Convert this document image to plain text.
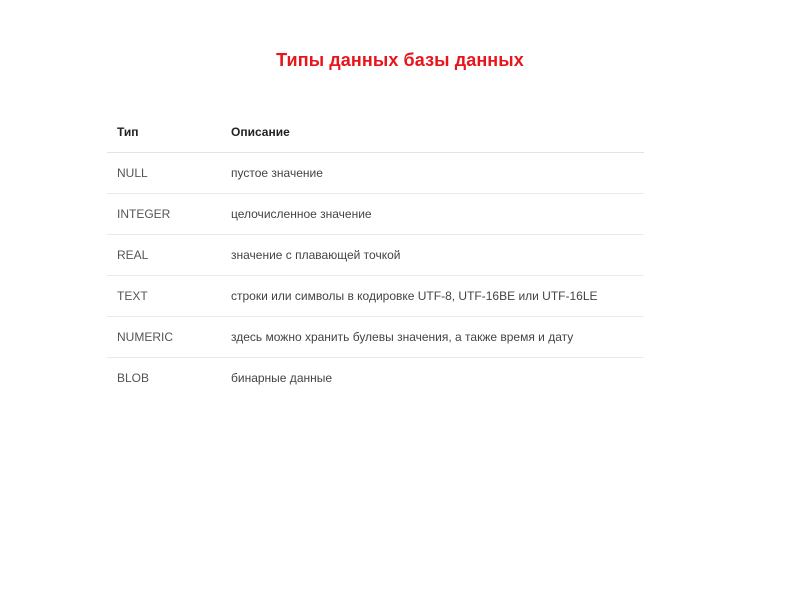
Типы данных базы данных
Тип	Описание
NULL	пустое значение
INTEGER	целочисленное значение
REAL	значение с плавающей точкой
TEXT	строки или символы в кодировке UTF-8, UTF-16BE или UTF-16LE
NUMERIC	здесь можно хранить булевы значения, а также время и дату
BLOB	бинарные данные
